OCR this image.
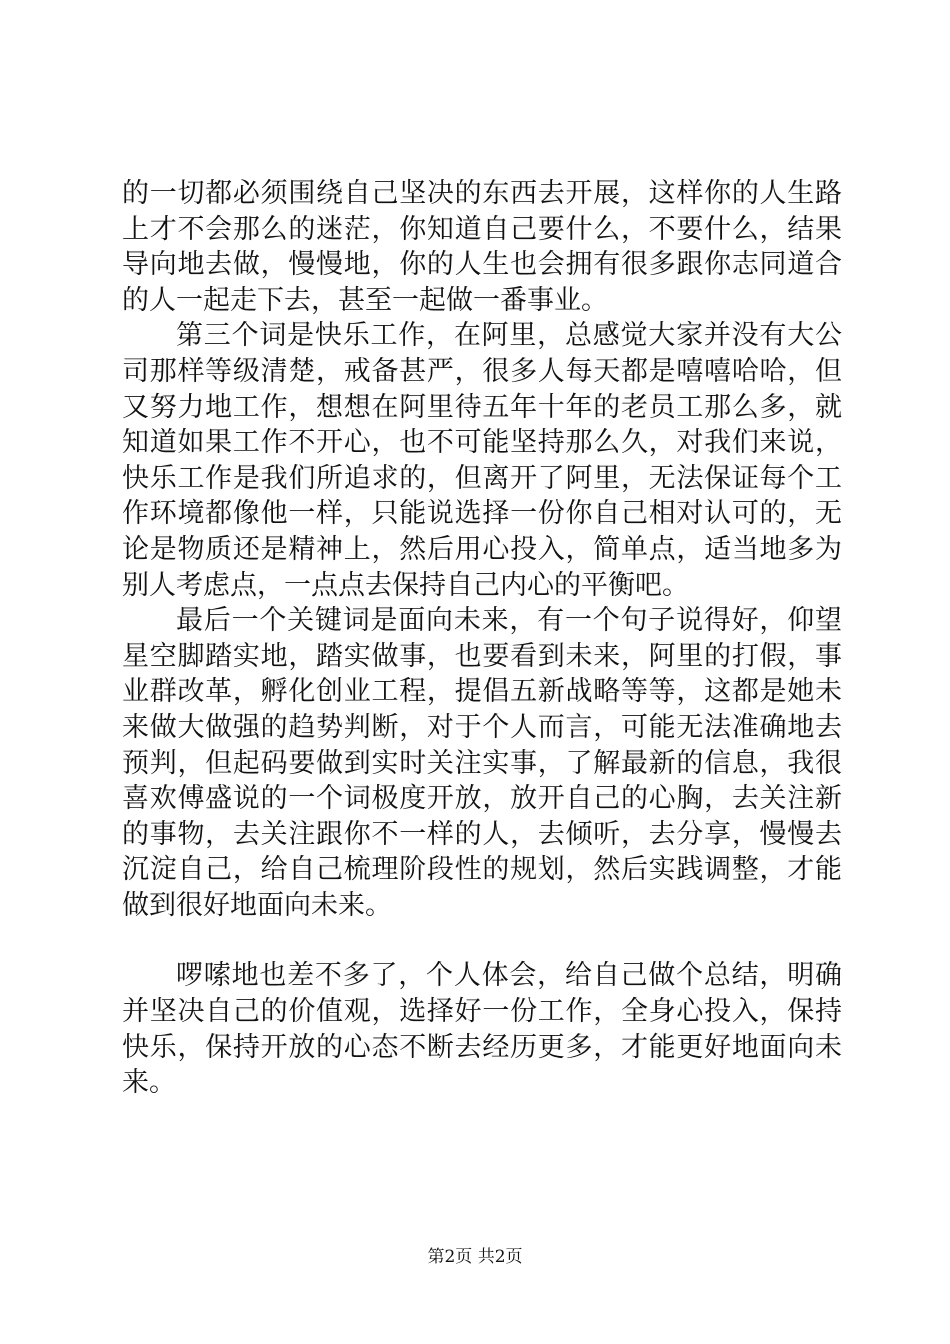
的一切都必须围绕自己坚决的东西去开展，这样你的人生路上才不会那么的迷茫，你知道自己要什么，不要什么，结果导向地去做，慢慢地，你的人生也会拥有很多跟你志同道合的人一起走下去，甚至一起做一番事业。

第三个词是快乐工作，在阿里，总感觉大家并没有大公司那样等级清楚，戒备甚严，很多人每天都是嘻嘻哈哈，但又努力地工作，想想在阿里待五年十年的老员工那么多，就知道如果工作不开心，也不可能坚持那么久，对我们来说，快乐工作是我们所追求的，但离开了阿里，无法保证每个工作环境都像他一样，只能说选择一份你自己相对认可的，无论是物质还是精神上，然后用心投入，简单点，适当地多为别人考虑点，一点点去保持自己内心的平衡吧。

最后一个关键词是面向未来，有一个句子说得好，仰望星空脚踏实地，踏实做事，也要看到未来，阿里的打假，事业群改革，孵化创业工程，提倡五新战略等等，这都是她未来做大做强的趋势判断，对于个人而言，可能无法准确地去预判，但起码要做到实时关注实事，了解最新的信息，我很喜欢傅盛说的一个词极度开放，放开自己的心胸，去关注新的事物，去关注跟你不一样的人，去倾听，去分享，慢慢去沉淀自己，给自己梳理阶段性的规划，然后实践调整，才能做到很好地面向未来。

啰嗦地也差不多了，个人体会，给自己做个总结，明确并坚决自己的价值观，选择好一份工作，全身心投入，保持快乐，保持开放的心态不断去经历更多，才能更好地面向未来。

第2页 共2页
